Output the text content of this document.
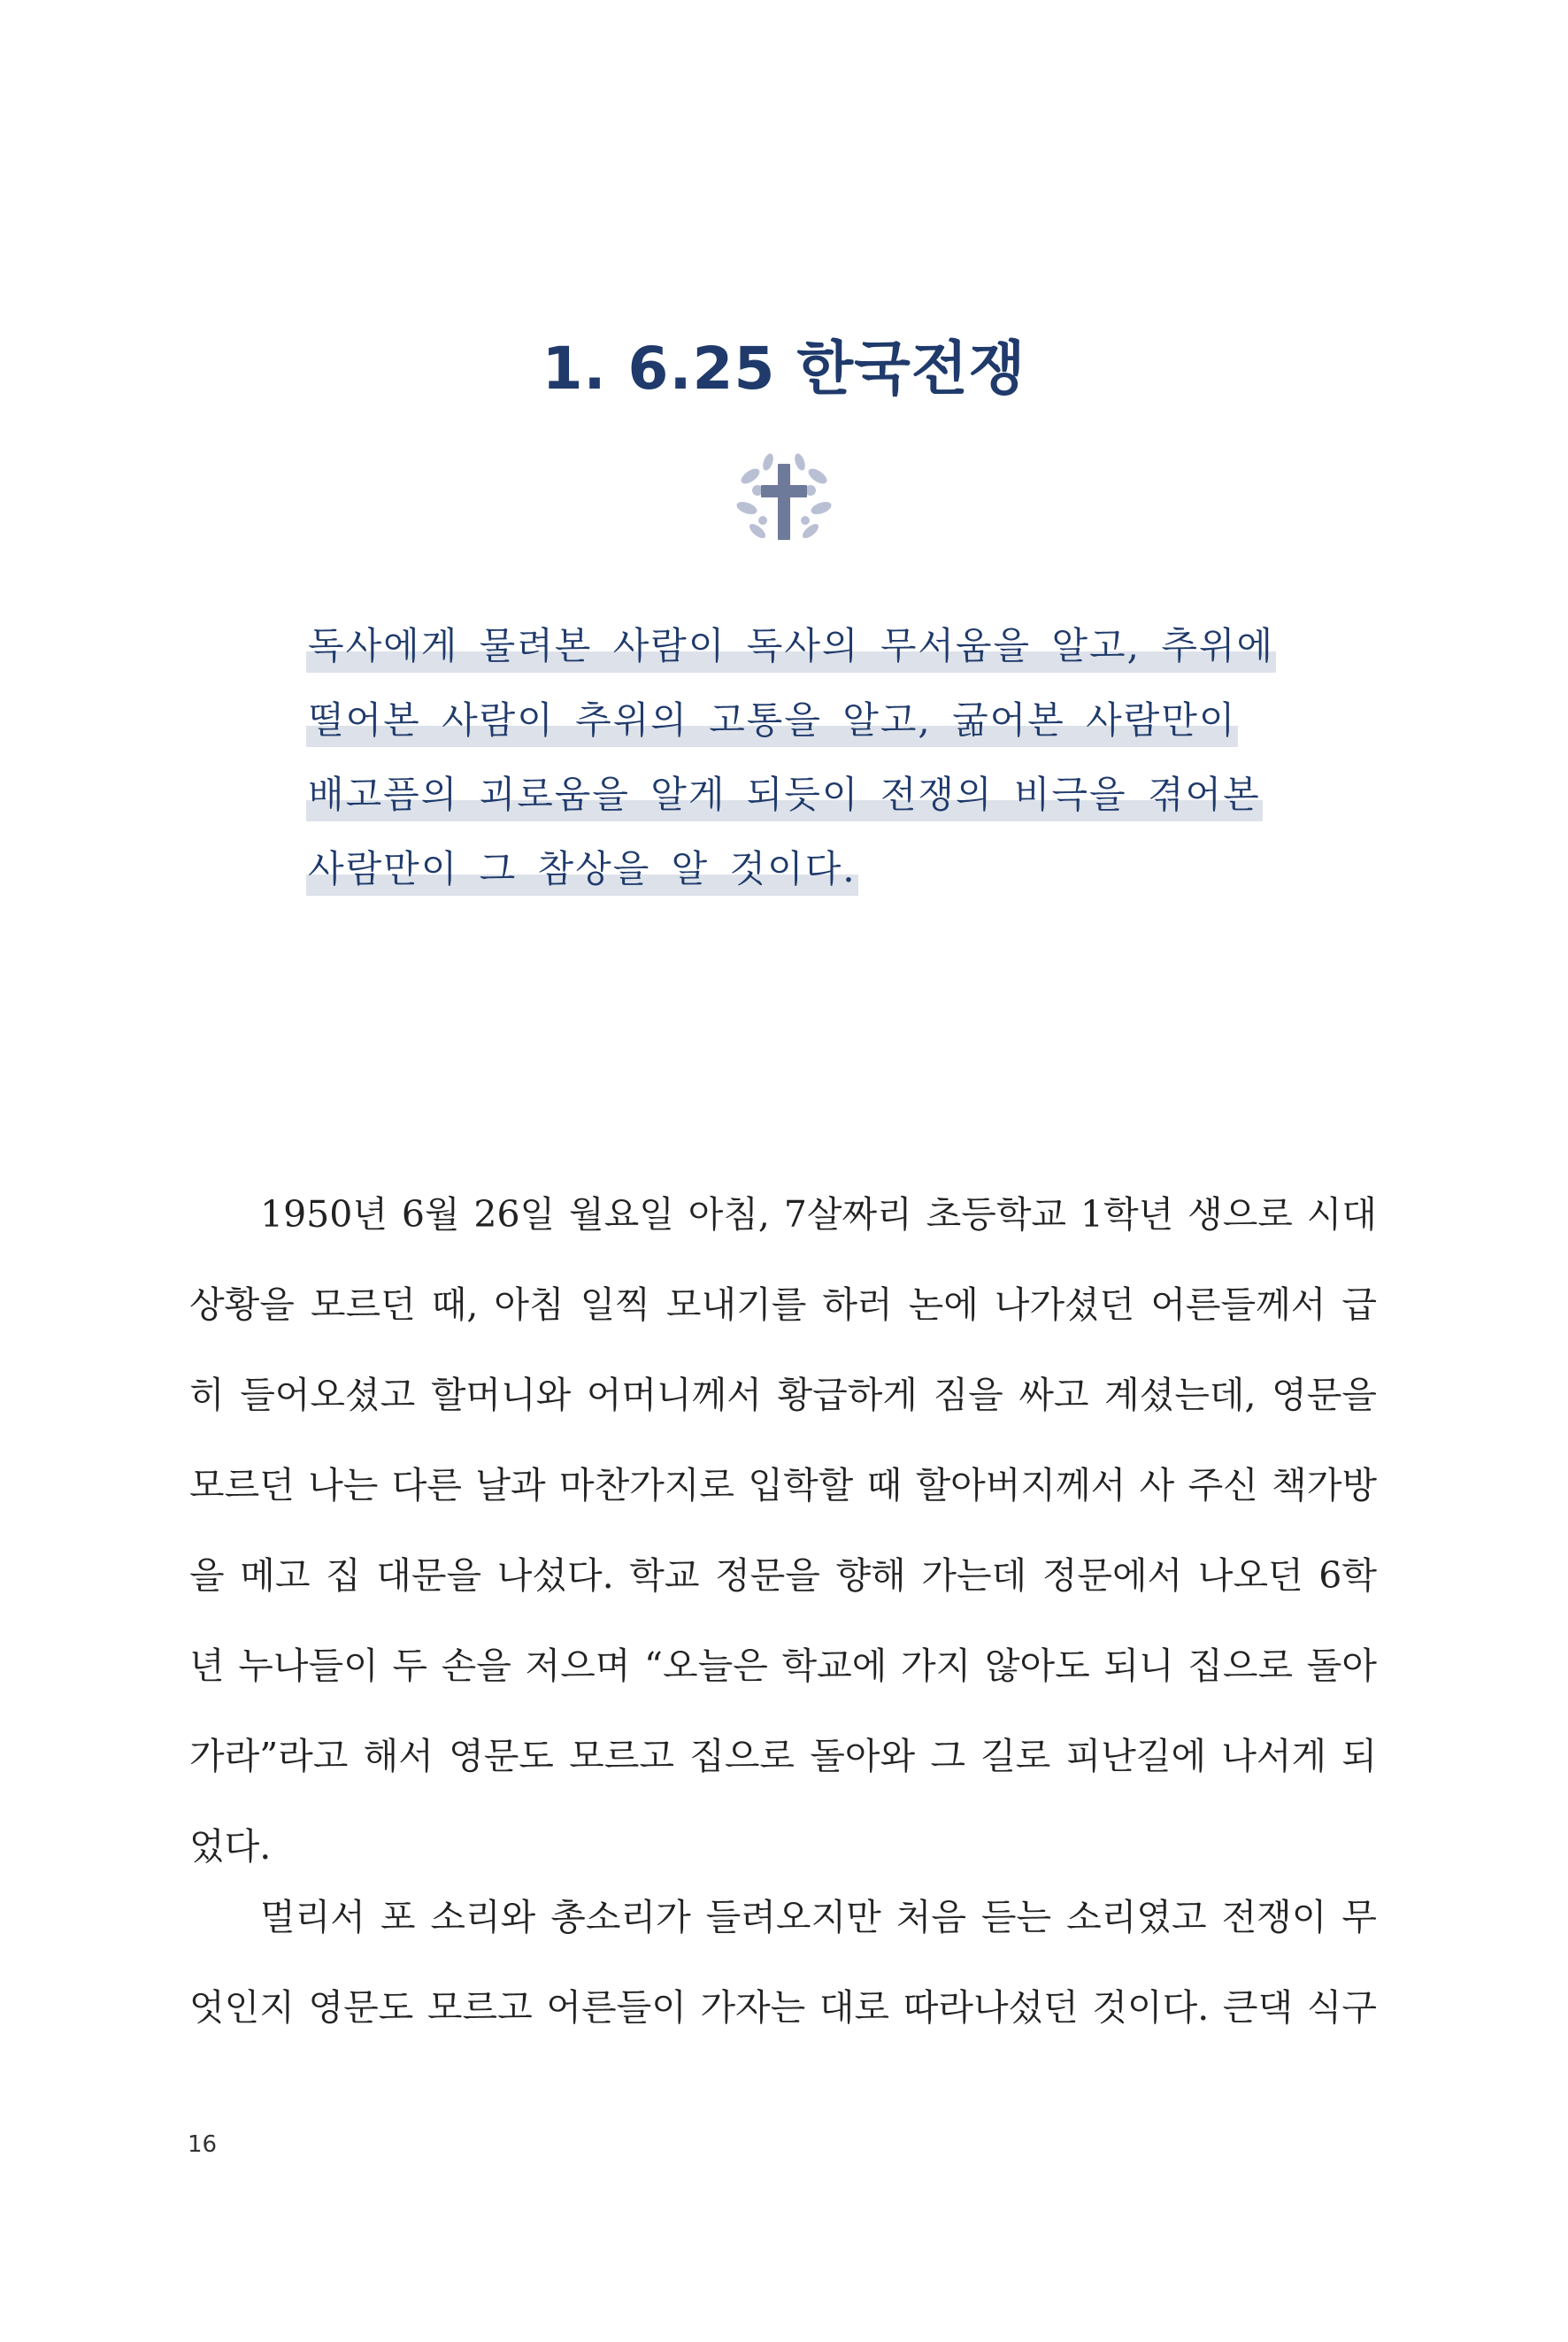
1. 6.25 한국전쟁
독사에게 물려본 사람이 독사의 무서움을 알고, 추위에
떨어본 사람이 추위의 고통을 알고, 굶어본 사람만이
배고픔의 괴로움을 알게 되듯이 전쟁의 비극을 겪어본
사람만이 그 참상을 알 것이다.
1950년 6월 26일 월요일 아침, 7살짜리 초등학교 1학년 생으로 시대
상황을 모르던 때, 아침 일찍 모내기를 하러 논에 나가셨던 어른들께서 급
히 들어오셨고 할머니와 어머니께서 황급하게 짐을 싸고 계셨는데, 영문을
모르던 나는 다른 날과 마찬가지로 입학할 때 할아버지께서 사 주신 책가방
을 메고 집 대문을 나섰다. 학교 정문을 향해 가는데 정문에서 나오던 6학
년 누나들이 두 손을 저으며 “오늘은 학교에 가지 않아도 되니 집으로 돌아
가라”라고 해서 영문도 모르고 집으로 돌아와 그 길로 피난길에 나서게 되
었다.
멀리서 포 소리와 총소리가 들려오지만 처음 듣는 소리였고 전쟁이 무
엇인지 영문도 모르고 어른들이 가자는 대로 따라나섰던 것이다. 큰댁 식구
16
